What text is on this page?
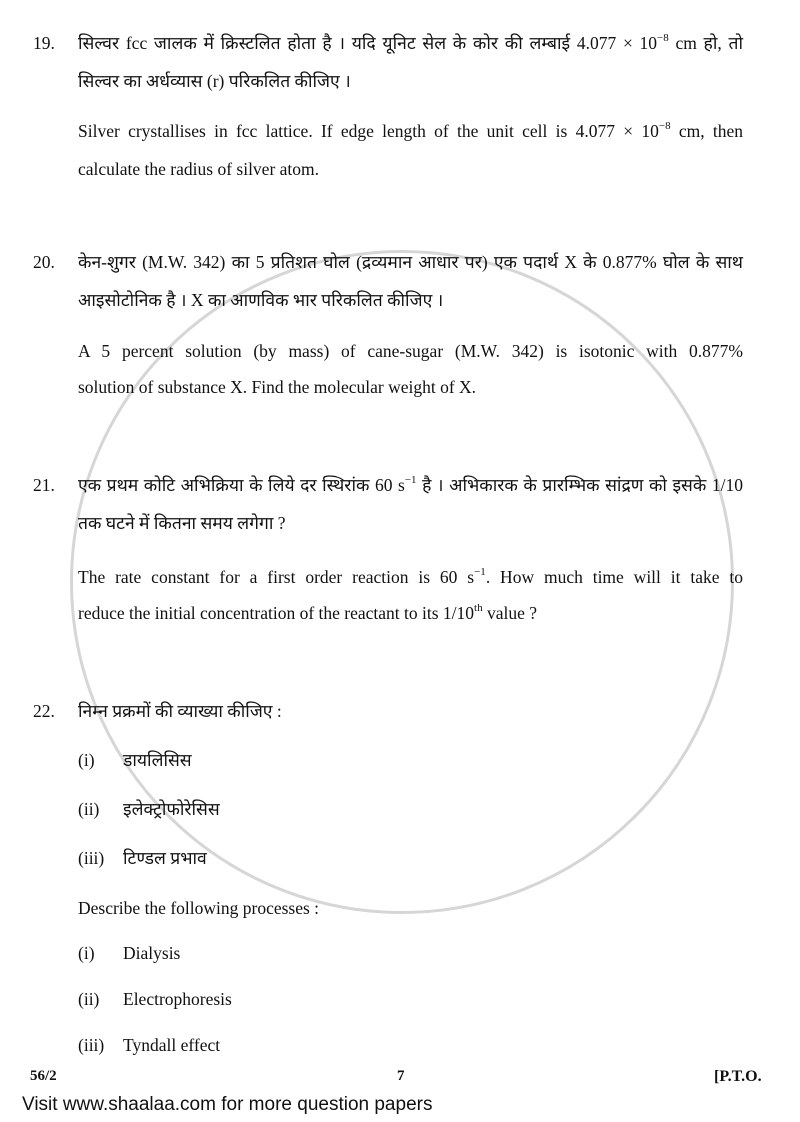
19. सिल्वर fcc जालक में क्रिस्टलित होता है । यदि यूनिट सेल के कोर की लम्बाई $4.077 \times 10^{-8}$ cm हो, तो
सिल्वर का अर्धव्यास (r) परिकलित कीजिए ।
Silver crystallises in fcc lattice. If edge length of the unit cell is $4.077 \times 10^{-8}$ cm, then
calculate the radius of silver atom.
20. केन-शुगर (M.W. 342) का 5 प्रतिशत घोल (द्रव्यमान आधार पर) एक पदार्थ X के 0.877% घोल के साथ
आइसोटोनिक है । X का आणविक भार परिकलित कीजिए ।
A 5 percent solution (by mass) of cane-sugar (M.W. 342) is isotonic with 0.877%
solution of substance X. Find the molecular weight of X.
21. एक प्रथम कोटि अभिक्रिया के लिये दर स्थिरांक 60 $s^{-1}$ है । अभिकारक के प्रारम्भिक सांद्रण को इसके 1/10
तक घटने में कितना समय लगेगा ?
The rate constant for a first order reaction is 60 $s^{-1}$. How much time will it take to
reduce the initial concentration of the reactant to its 1/10th value ?
22. निम्न प्रक्रमों की व्याख्या कीजिए :
(i) डायलिसिस
(ii) इलेक्ट्रोफोरेसिस
(iii) टिण्डल प्रभाव
Describe the following processes :
(i) Dialysis
(ii) Electrophoresis
(iii) Tyndall effect
56/2	7	[P.T.O.
Visit www.shaalaa.com for more question papers
